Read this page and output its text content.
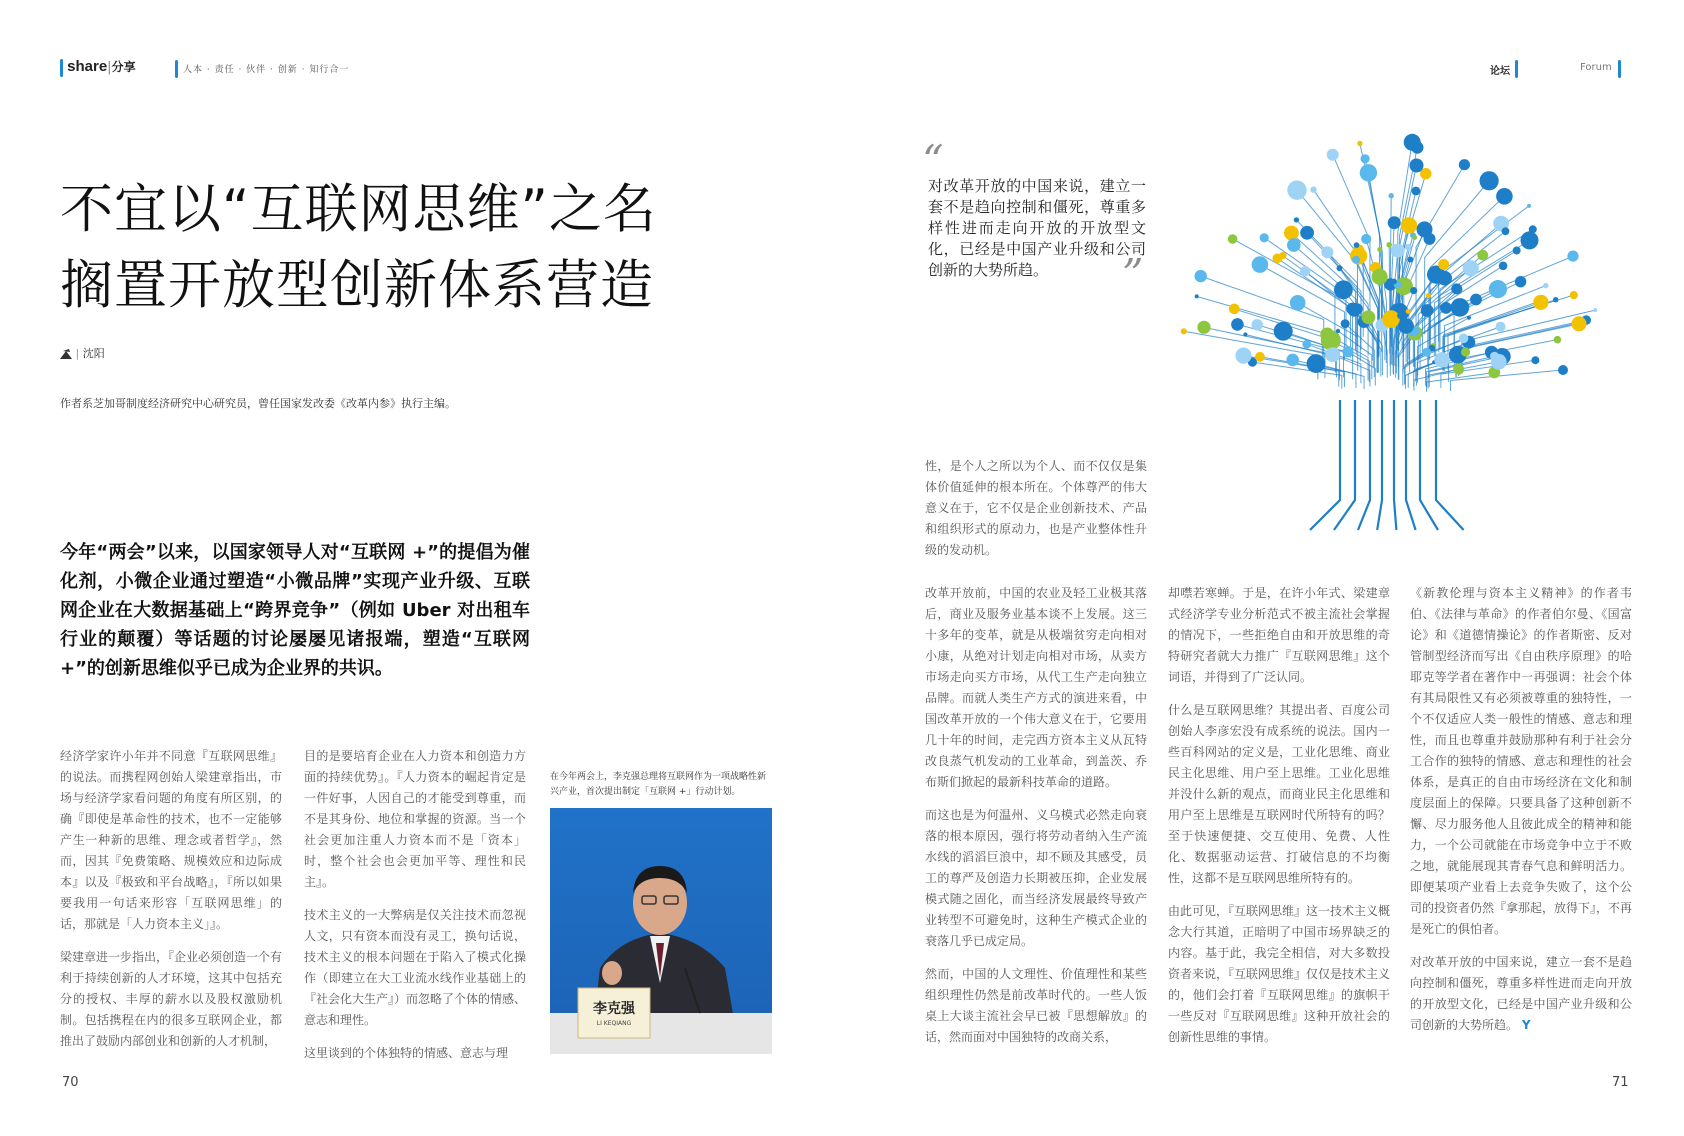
share|分享	人本 · 责任 · 伙伴 · 创新 · 知行合一	论坛	Forum
不宜以“互联网思维”之名
搁置开放型创新体系营造
| 沈阳
作者系芝加哥制度经济研究中心研究员，曾任国家发改委《改革内参》执行主编。
今年“两会”以来，以国家领导人对“互联网 +”的提倡为催化剂，小微企业通过塑造“小微品牌”实现产业升级、互联网企业在大数据基础上“跨界竞争”（例如 Uber 对出租车行业的颠覆）等话题的讨论屡屡见诸报端，塑造“互联网 +”的创新思维似乎已成为企业界的共识。

经济学家许小年并不同意『互联网思维』的说法。而携程网创始人梁建章指出，市场与经济学家看问题的角度有所区别，的确『即使是革命性的技术，也不一定能够产生一种新的思维、理念或者哲学』，然而，因其『免费策略、规模效应和边际成本』以及『极致和平台战略』，『所以如果要我用一句话来形容「互联网思维」的话，那就是「人力资本主义」』。

梁建章进一步指出，『企业必须创造一个有利于持续创新的人才环境，这其中包括充分的授权、丰厚的薪水以及股权激励机制。包括携程在内的很多互联网企业，都推出了鼓励内部创业和创新的人才机制，

目的是要培育企业在人力资本和创造力方面的持续优势』。『人力资本的崛起肯定是一件好事，人因自己的才能受到尊重，而不是其身份、地位和掌握的资源。当一个社会更加注重人力资本而不是「资本」时，整个社会也会更加平等、理性和民主』。

技术主义的一大弊病是仅关注技术而忽视人文，只有资本而没有灵工，换句话说，技术主义的根本问题在于陷入了模式化操作（即建立在大工业流水线作业基础上的『社会化大生产』）而忽略了个体的情感、意志和理性。

这里谈到的个体独特的情感、意志与理

在今年两会上，李克强总理将互联网作为一项战略性新兴产业，首次提出制定「互联网 +」行动计划。
李克强
LI KEQIANG
“
对改革开放的中国来说，建立一套不是趋向控制和僵死，尊重多样性进而走向开放的开放型文化，已经是中国产业升级和公司创新的大势所趋。	”

性，是个人之所以为个人、而不仅仅是集体价值延伸的根本所在。个体尊严的伟大意义在于，它不仅是企业创新技术、产品和组织形式的原动力，也是产业整体性升级的发动机。

改革开放前，中国的农业及轻工业极其落后，商业及服务业基本谈不上发展。这三十多年的变革，就是从极端贫穷走向相对小康，从绝对计划走向相对市场，从卖方市场走向买方市场，从代工生产走向独立品牌。而就人类生产方式的演进来看，中国改革开放的一个伟大意义在于，它要用几十年的时间，走完西方资本主义从瓦特改良蒸气机发动的工业革命，到盖茨、乔布斯们掀起的最新科技革命的道路。

而这也是为何温州、义乌模式必然走向衰落的根本原因，强行将劳动者纳入生产流水线的滔滔巨浪中，却不顾及其感受，员工的尊严及创造力长期被压抑，企业发展模式随之固化，而当经济发展最终导致产业转型不可避免时，这种生产模式企业的衰落几乎已成定局。

然而，中国的人文理性、价值理性和某些组织理性仍然是前改革时代的。一些人饭桌上大谈主流社会早已被『思想解放』的话，然而面对中国独特的改商关系，

却噤若寒蝉。于是，在许小年式、梁建章式经济学专业分析范式不被主流社会掌握的情况下，一些拒绝自由和开放思维的奇特研究者就大力推广『互联网思维』这个词语，并得到了广泛认同。

什么是互联网思维？其提出者、百度公司创始人李彦宏没有成系统的说法。国内一些百科网站的定义是，工业化思维、商业民主化思维、用户至上思维。工业化思维并没什么新的观点，而商业民主化思维和用户至上思维是互联网时代所特有的吗？至于快速便捷、交互使用、免费、人性化、数据驱动运营、打破信息的不均衡性，这都不是互联网思维所特有的。

由此可见，『互联网思维』这一技术主义概念大行其道，正暗明了中国市场界缺乏的内容。基于此，我完全相信，对大多数投资者来说，『互联网思维』仅仅是技术主义的，他们会打着『互联网思维』的旗帜干一些反对『互联网思维』这种开放社会的创新性思维的事情。

《新教伦理与资本主义精神》的作者韦伯、《法律与革命》的作者伯尔曼、《国富论》和《道德情操论》的作者斯密、反对管制型经济而写出《自由秩序原理》的哈耶克等学者在著作中一再强调：社会个体有其局限性又有必须被尊重的独特性，一个不仅适应人类一般性的情感、意志和理性，而且也尊重并鼓励那种有利于社会分工合作的独特的情感、意志和理性的社会体系，是真正的自由市场经济在文化和制度层面上的保障。只要具备了这种创新不懈、尽力服务他人且彼此成全的精神和能力，一个公司就能在市场竞争中立于不败之地，就能展现其青春气息和鲜明活力。即便某项产业看上去竞争失败了，这个公司的投资者仍然『拿那起，放得下』，不再是死亡的俱怕者。

对改革开放的中国来说，建立一套不是趋向控制和僵死，尊重多样性进而走向开放的开放型文化，已经是中国产业升级和公司创新的大势所趋。 Y

70	71
